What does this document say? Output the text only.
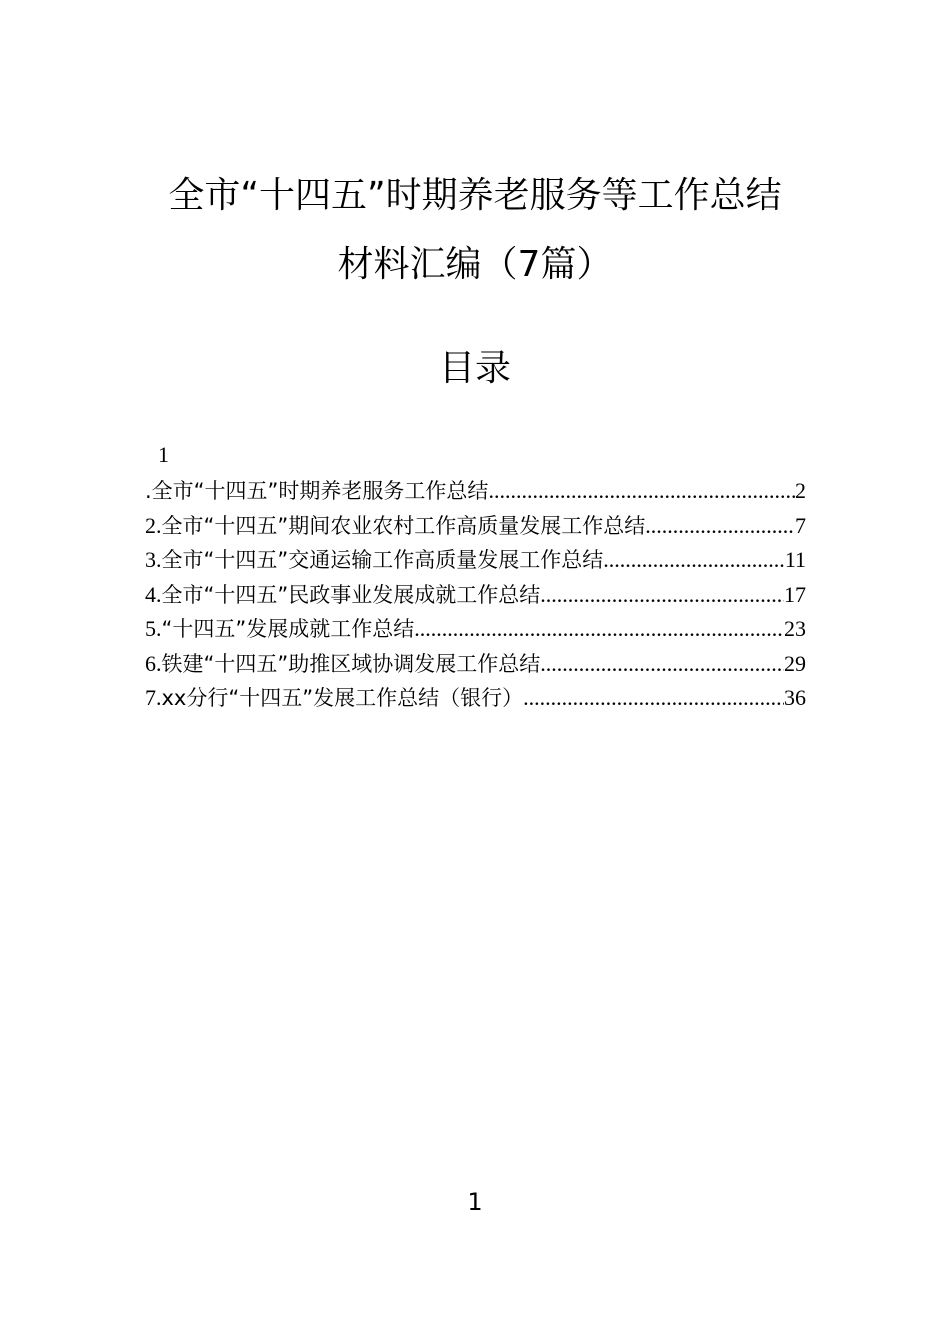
全市“十四五”时期养老服务等工作总结
材料汇编（7篇）
目录
1
.全市“十四五”时期养老服务工作总结 .....	2
2. 全市“十四五”期间农业农村工作高质量发展工作总结 .....	7
3. 全市“十四五”交通运输工作高质量发展工作总结 .....	11
4. 全市“十四五”民政事业发展成就工作总结 .....	17
5. “十四五”发展成就工作总结 .....	23
6. 铁建“十四五”助推区域协调发展工作总结 .....	29
7. xx分行“十四五”发展工作总结（银行） .....	36
1
